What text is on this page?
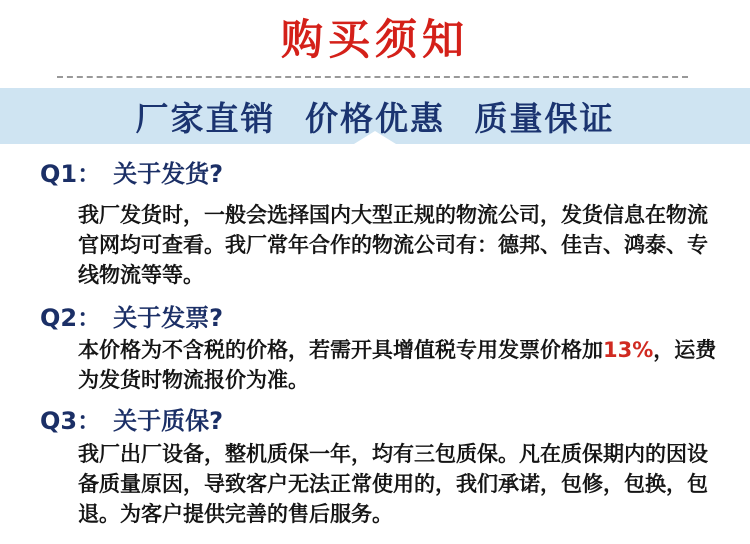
购买须知
厂家直销 价格优惠 质量保证
Q1： 关于发货?
我厂发货时，一般会选择国内大型正规的物流公司，发货信息在物流
官网均可查看。我厂常年合作的物流公司有：德邦、佳吉、鸿泰、专
线物流等等。
Q2： 关于发票?
本价格为不含税的价格，若需开具增值税专用发票价格加13%，运费
为发货时物流报价为准。
Q3： 关于质保?
我厂出厂设备，整机质保一年，均有三包质保。凡在质保期内的因设
备质量原因，导致客户无法正常使用的，我们承诺，包修，包换，包
退。为客户提供完善的售后服务。
